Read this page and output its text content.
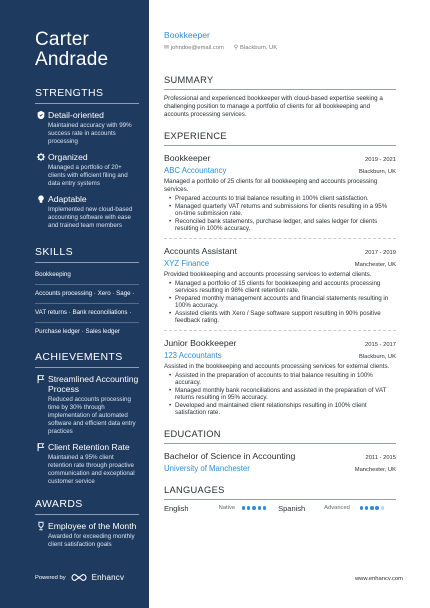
Carter
Andrade
STRENGTHS
Detail-oriented
Maintained accuracy with 99% success rate in accounts processing
Organized
Managed a portfolio of 20+ clients with efficient filing and data entry systems
Adaptable
Implemented new cloud-based accounting software with ease and trained team members
SKILLS
Bookkeeping
Accounts processing · Xero · Sage ·
VAT returns · Bank reconciliations ·
Purchase ledger · Sales ledger
ACHIEVEMENTS
Streamlined Accounting Process
Reduced accounts processing time by 30% through implementation of automated software and efficient data entry practices
Client Retention Rate
Maintained a 95% client retention rate through proactive communication and exceptional customer service
AWARDS
Employee of the Month
Awarded for exceeding monthly client satisfaction goals
Powered by	Enhancv
Bookkeeper
✉ johndoe@email.com ⚲ Blackburn, UK
SUMMARY
Professional and experienced bookkeeper with cloud-based expertise seeking a challenging position to manage a portfolio of clients for all bookkeeping and accounts processing services.
EXPERIENCE
Bookkeeper	2019 - 2021
ABC Accountancy	Blackburn, UK
Managed a portfolio of 25 clients for all bookkeeping and accounts processing services.
• Prepared accounts to trial balance resulting in 100% client satisfaction.
• Managed quarterly VAT returns and submissions for clients resulting in a 95% on-time submission rate.
• Reconciled bank statements, purchase ledger, and sales ledger for clients resulting in 100% accuracy.
Accounts Assistant	2017 - 2019
XYZ Finance	Manchester, UK
Provided bookkeeping and accounts processing services to external clients.
• Managed a portfolio of 15 clients for bookkeeping and accounts processing services resulting in 98% client retention rate.
• Prepared monthly management accounts and financial statements resulting in 100% accuracy.
• Assisted clients with Xero / Sage software support resulting in 90% positive feedback rating.
Junior Bookkeeper	2015 - 2017
123 Accountants	Blackburn, UK
Assisted in the bookkeeping and accounts processing services for external clients.
• Assisted in the preparation of accounts to trial balance resulting in 100% accuracy.
• Managed monthly bank reconciliations and assisted in the preparation of VAT returns resulting in 95% accuracy.
• Developed and maintained client relationships resulting in 100% client satisfaction rate.
EDUCATION
Bachelor of Science in Accounting	2011 - 2015
University of Manchester	Manchester, UK
LANGUAGES
English	Native	Spanish	Advanced
www.enhancv.com
